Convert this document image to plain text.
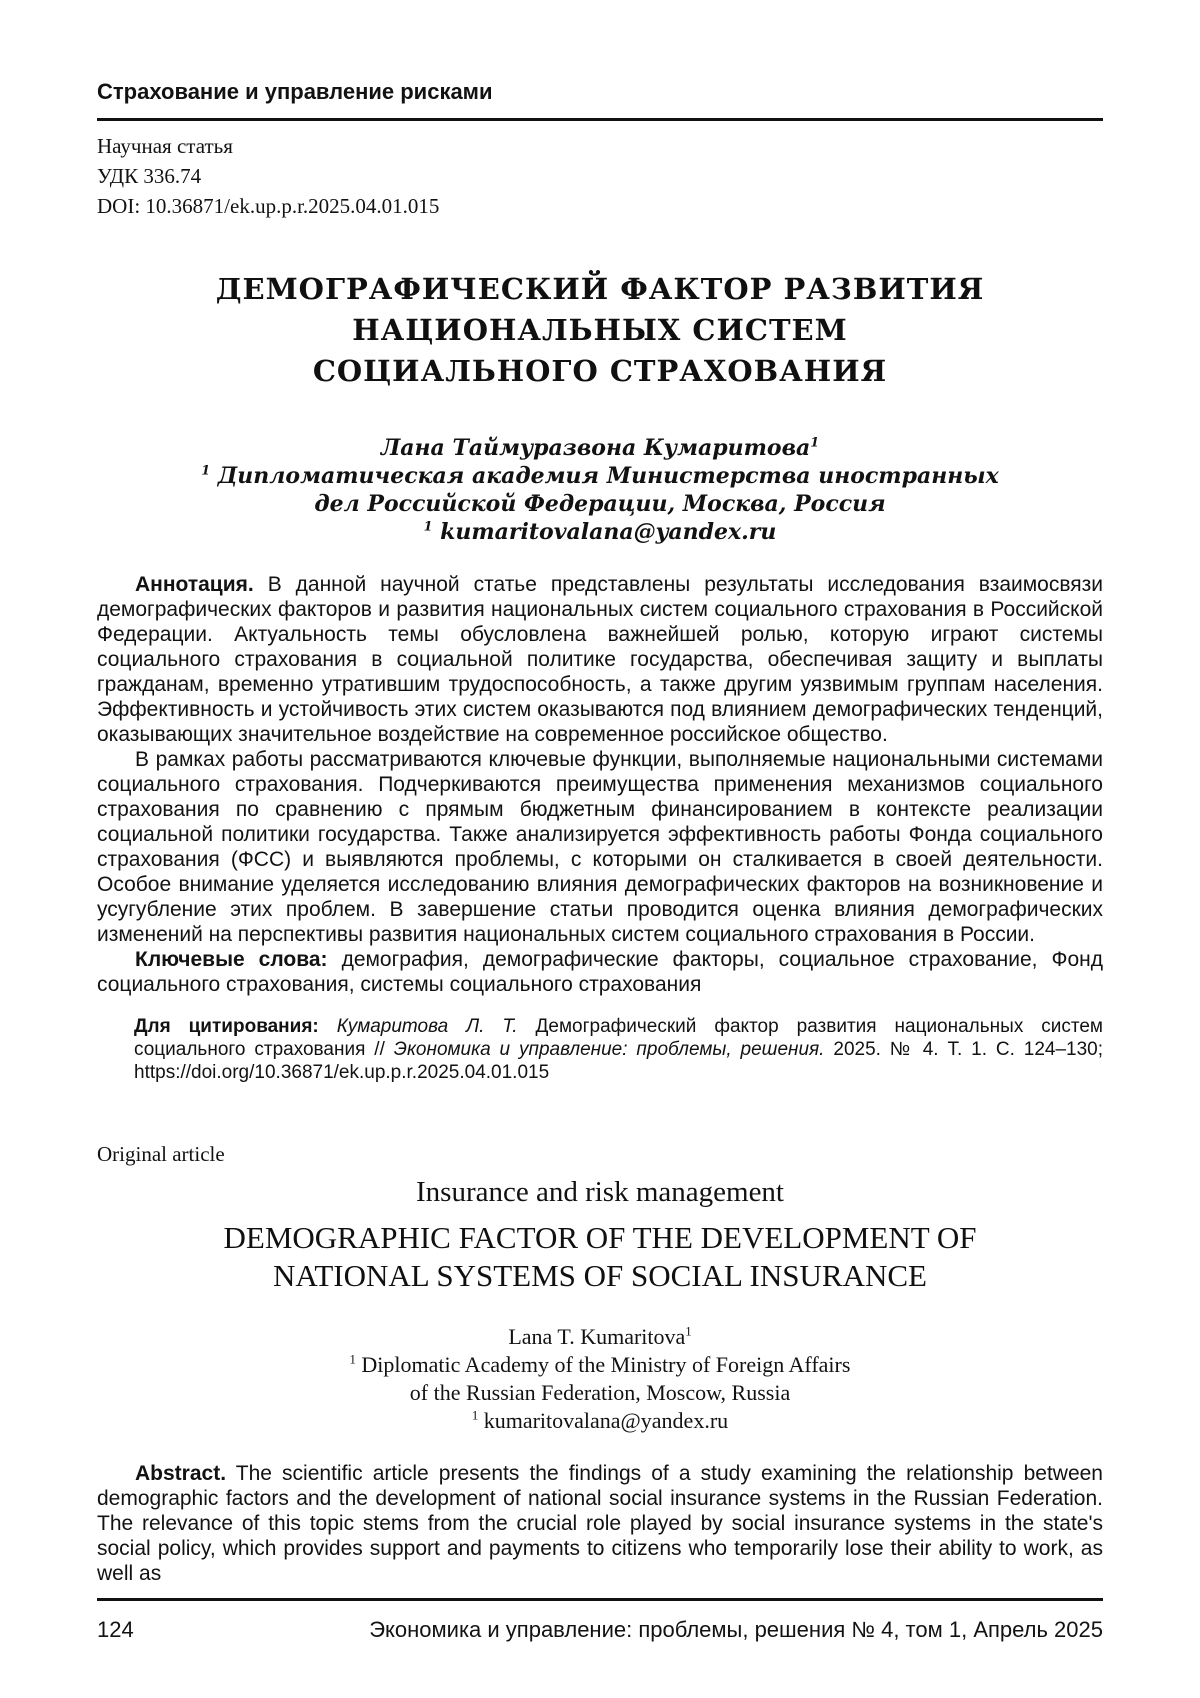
Страхование и управление рисками
Научная статья
УДК 336.74
DOI: 10.36871/ek.up.p.r.2025.04.01.015
ДЕМОГРАФИЧЕСКИЙ ФАКТОР РАЗВИТИЯ НАЦИОНАЛЬНЫХ СИСТЕМ СОЦИАЛЬНОГО СТРАХОВАНИЯ
Лана Таймуразвона Кумаритова$^1$
$^1$ Дипломатическая академия Министерства иностранных
дел Российской Федерации, Москва, Россия
$^1$ kumaritovalana@yandex.ru

Аннотация. В данной научной статье представлены результаты исследования взаимосвязи демографических факторов и развития национальных систем социального страхования в Российской Федерации. Актуальность темы обусловлена важнейшей ролью, которую играют системы социального страхования в социальной политике государства, обеспечивая защиту и выплаты гражданам, временно утратившим трудоспособность, а также другим уязвимым группам населения. Эффективность и устойчивость этих систем оказываются под влиянием демографических тенденций, оказывающих значительное воздействие на современное российское общество.

В рамках работы рассматриваются ключевые функции, выполняемые национальными системами социального страхования. Подчеркиваются преимущества применения механизмов социального страхования по сравнению с прямым бюджетным финансированием в контексте реализации социальной политики государства. Также анализируется эффективность работы Фонда социального страхования (ФСС) и выявляются проблемы, с которыми он сталкивается в своей деятельности. Особое внимание уделяется исследованию влияния демографических факторов на возникновение и усугубление этих проблем. В завершение статьи проводится оценка влияния демографических изменений на перспективы развития национальных систем социального страхования в России.

Ключевые слова: демография, демографические факторы, социальное страхование, Фонд социального страхования, системы социального страхования

Для цитирования: Кумаритова Л. Т. Демографический фактор развития национальных систем социального страхования // Экономика и управление: проблемы, решения. 2025. № 4. Т. 1. С. 124–130; https://doi.org/10.36871/ek.up.p.r.2025.04.01.015
Original article
Insurance and risk management
DEMOGRAPHIC FACTOR OF THE DEVELOPMENT OF NATIONAL SYSTEMS OF SOCIAL INSURANCE
Lana T. Kumaritova$^1$
$^1$ Diplomatic Academy of the Ministry of Foreign Affairs
of the Russian Federation, Moscow, Russia
$^1$ kumaritovalana@yandex.ru

Abstract. The scientific article presents the findings of a study examining the relationship between demographic factors and the development of national social insurance systems in the Russian Federation. The relevance of this topic stems from the crucial role played by social insurance systems in the state's social policy, which provides support and payments to citizens who temporarily lose their ability to work, as well as

124	Экономика и управление: проблемы, решения № 4, том 1, Апрель 2025
